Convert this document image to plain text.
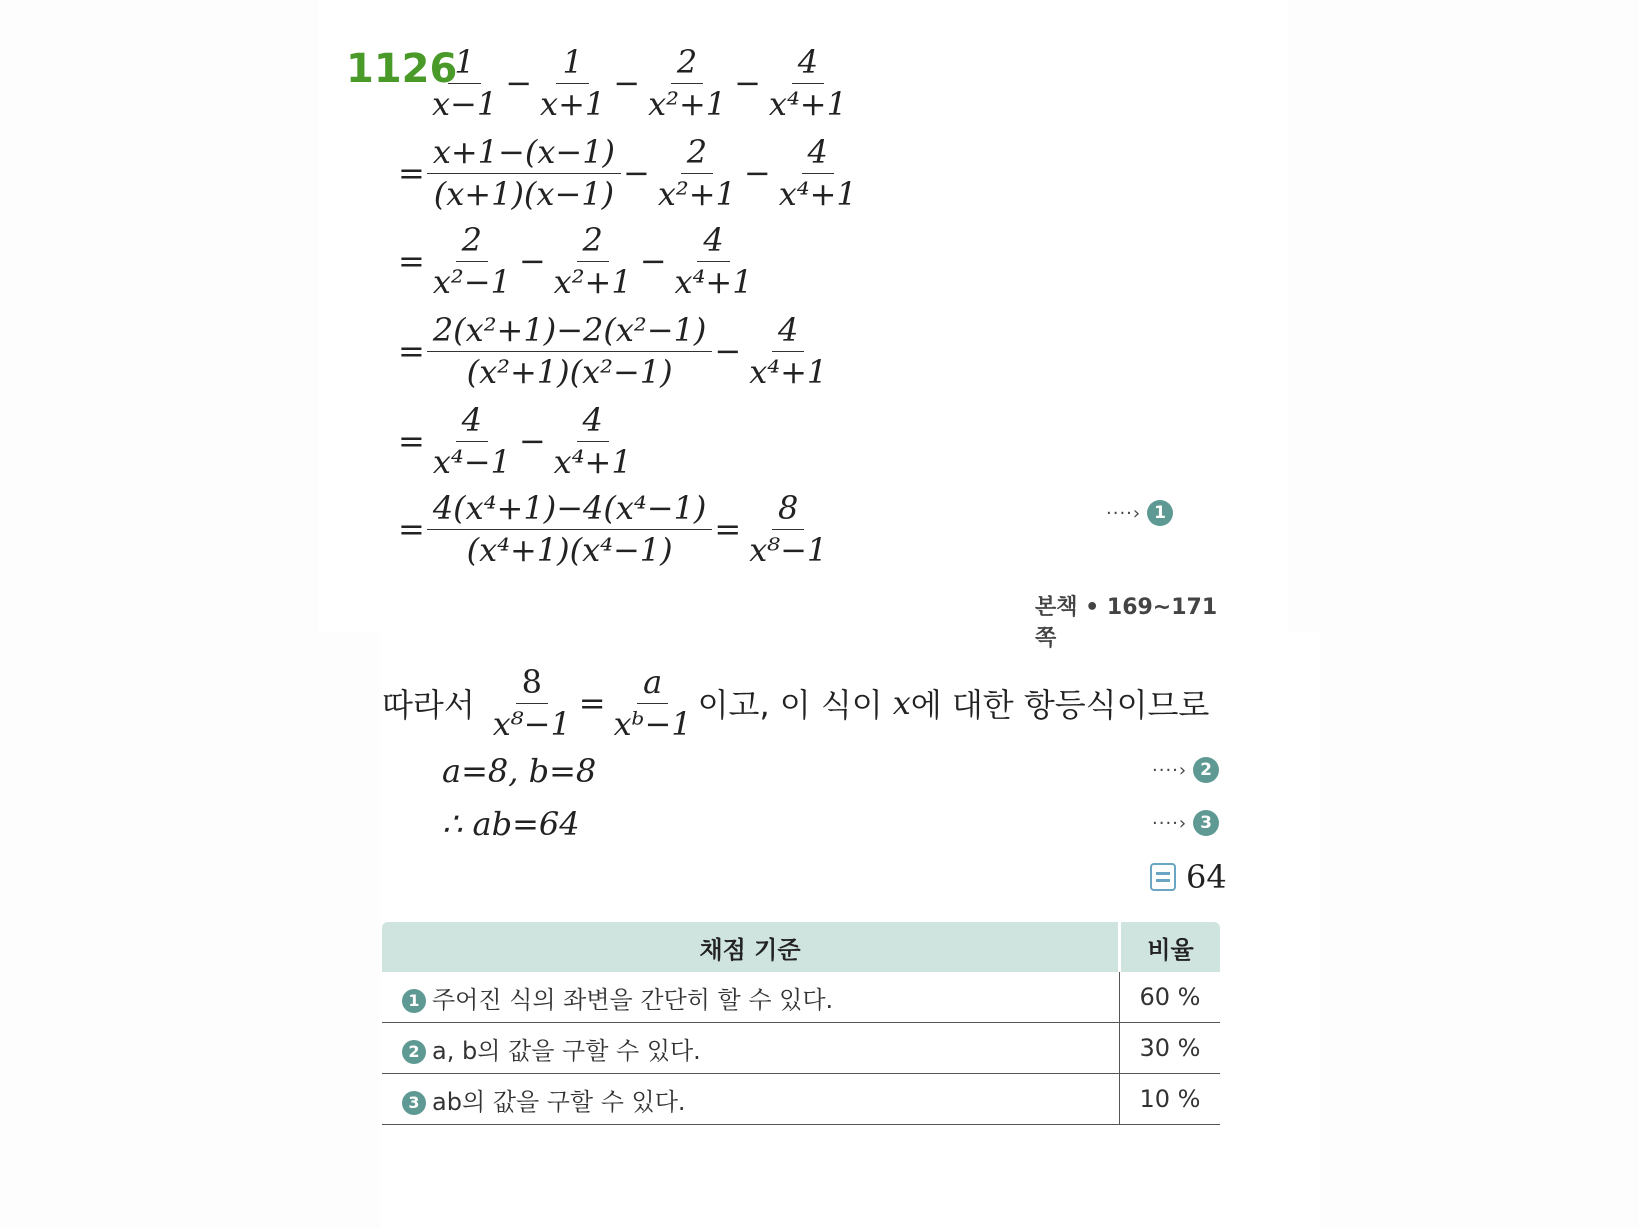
1126
$\frac{1}{x-1} - \frac{1}{x+1} - \frac{2}{\text{x²+1}} - \frac{4}{\text{x⁴+1}}$
= $\frac{x+1-(x-1)}{(x+1)(x-1)} - \frac{2}{\text{x²+1}} - \frac{4}{\text{x⁴+1}}$
= $\frac{2}{\text{x²−1}} - \frac{2}{\text{x²+1}} - \frac{4}{\text{x⁴+1}}$
= $\frac{\text{2(x²+1)−2(x²−1)}}{\text{(x²+1)(x²−1)}} - \frac{4}{\text{x⁴+1}}$
= $\frac{4}{\text{x⁴−1}} - \frac{4}{\text{x⁴+1}}$
= $\frac{\text{4(x⁴+1)−4(x⁴−1)}}{\text{(x⁴+1)(x⁴−1)}} = \frac{8}{\text{x⁸−1}}$	····› 1
본책 • 169~171쪽
따라서 $\frac{8}{\text{x⁸−1}} = \frac{a}{\text{xᵇ−1}}$ 이고, 이 식이 x 에 대한 항등식이므로
a=8, b=8	····› 2
∴ ab=64	····› 3
64
채점 기준	비율
1 주어진 식의 좌변을 간단히 할 수 있다.	60 %
2 a, b의 값을 구할 수 있다.	30 %
3 ab의 값을 구할 수 있다.	10 %
